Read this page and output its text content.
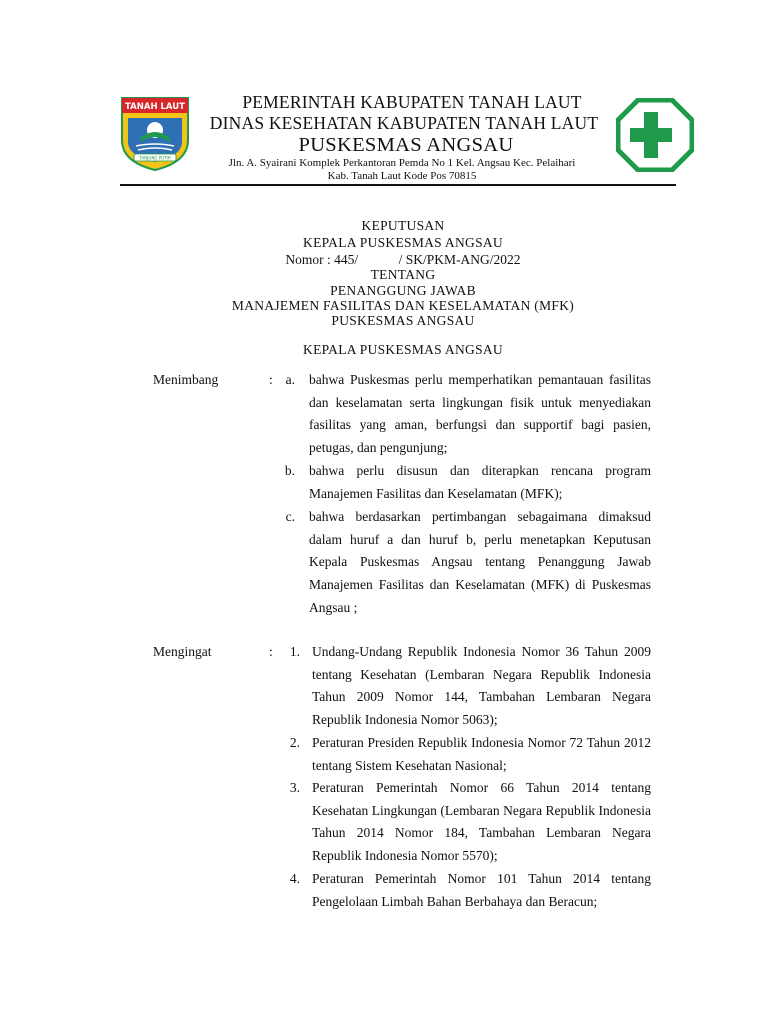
TANAH LAUT
TANJUNG PUTIH
PEMERINTAH KABUPATEN TANAH LAUT
DINAS KESEHATAN KABUPATEN TANAH LAUT
PUSKESMAS ANGSAU
Jln. A. Syairani Komplek Perkantoran Pemda No 1 Kel. Angsau Kec. Pelaihari
Kab. Tanah Laut Kode Pos 70815
KEPUTUSAN
KEPALA PUSKESMAS ANGSAU
Nomor : 445/            / SK/PKM-ANG/2022
TENTANG
PENANGGUNG JAWAB
MANAJEMEN FASILITAS DAN KESELAMATAN (MFK)
PUSKESMAS ANGSAU
KEPALA PUSKESMAS ANGSAU
Menimbang	: a. bahwa Puskesmas perlu memperhatikan pemantauan fasilitas dan keselamatan serta lingkungan fisik untuk menyediakan fasilitas yang aman, berfungsi dan supportif bagi pasien, petugas, dan pengunjung;
b. bahwa perlu disusun dan diterapkan rencana program Manajemen Fasilitas dan Keselamatan (MFK);
c. bahwa berdasarkan pertimbangan sebagaimana dimaksud dalam huruf a dan huruf b, perlu menetapkan Keputusan Kepala Puskesmas Angsau tentang Penanggung Jawab Manajemen Fasilitas dan Keselamatan (MFK) di Puskesmas Angsau ;
Mengingat	:	1. Undang-Undang Republik Indonesia Nomor 36 Tahun 2009 tentang Kesehatan (Lembaran Negara Republik Indonesia Tahun 2009 Nomor 144, Tambahan Lembaran Negara Republik Indonesia Nomor 5063);
2. Peraturan Presiden Republik Indonesia Nomor 72 Tahun 2012 tentang Sistem Kesehatan Nasional;
3. Peraturan Pemerintah Nomor 66 Tahun 2014 tentang Kesehatan Lingkungan (Lembaran Negara Republik Indonesia Tahun 2014 Nomor 184, Tambahan Lembaran Negara Republik Indonesia Nomor 5570);
4. Peraturan Pemerintah Nomor 101 Tahun 2014 tentang Pengelolaan Limbah Bahan Berbahaya dan Beracun;
